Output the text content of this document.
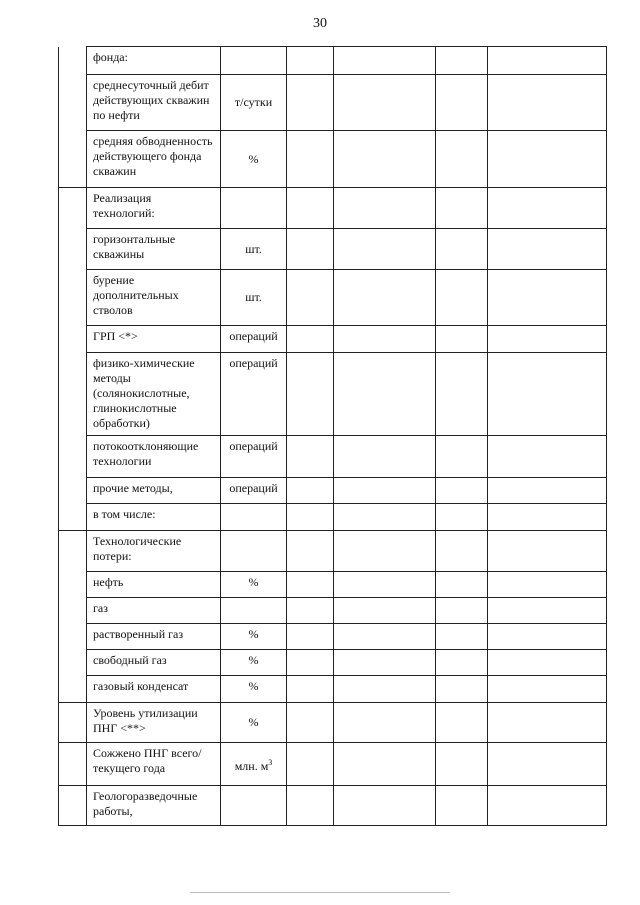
30
	фонда:					
	среднесуточный дебит действующих скважин по нефти	т/сутки				
	средняя обводненность действующего фонда скважин	%				
	Реализация технологий:					
	горизонтальные скважины	шт.				
	бурение дополнительных стволов	шт.				
	ГРП <*>	операций				
	физико-химические методы (солянокислотные, глинокислотные обработки)	операций				
	потокоотклоняющие технологии	операций				
	прочие методы,	операций				
	в том числе:					
	Технологические потери:					
	нефть	%				
	газ					
	растворенный газ	%				
	свободный газ	%				
	газовый конденсат	%				
	Уровень утилизации ПНГ <**>	%				
	Сожжено ПНГ всего/текущего года	млн. $м^3$				
	Геологоразведочные работы,					
